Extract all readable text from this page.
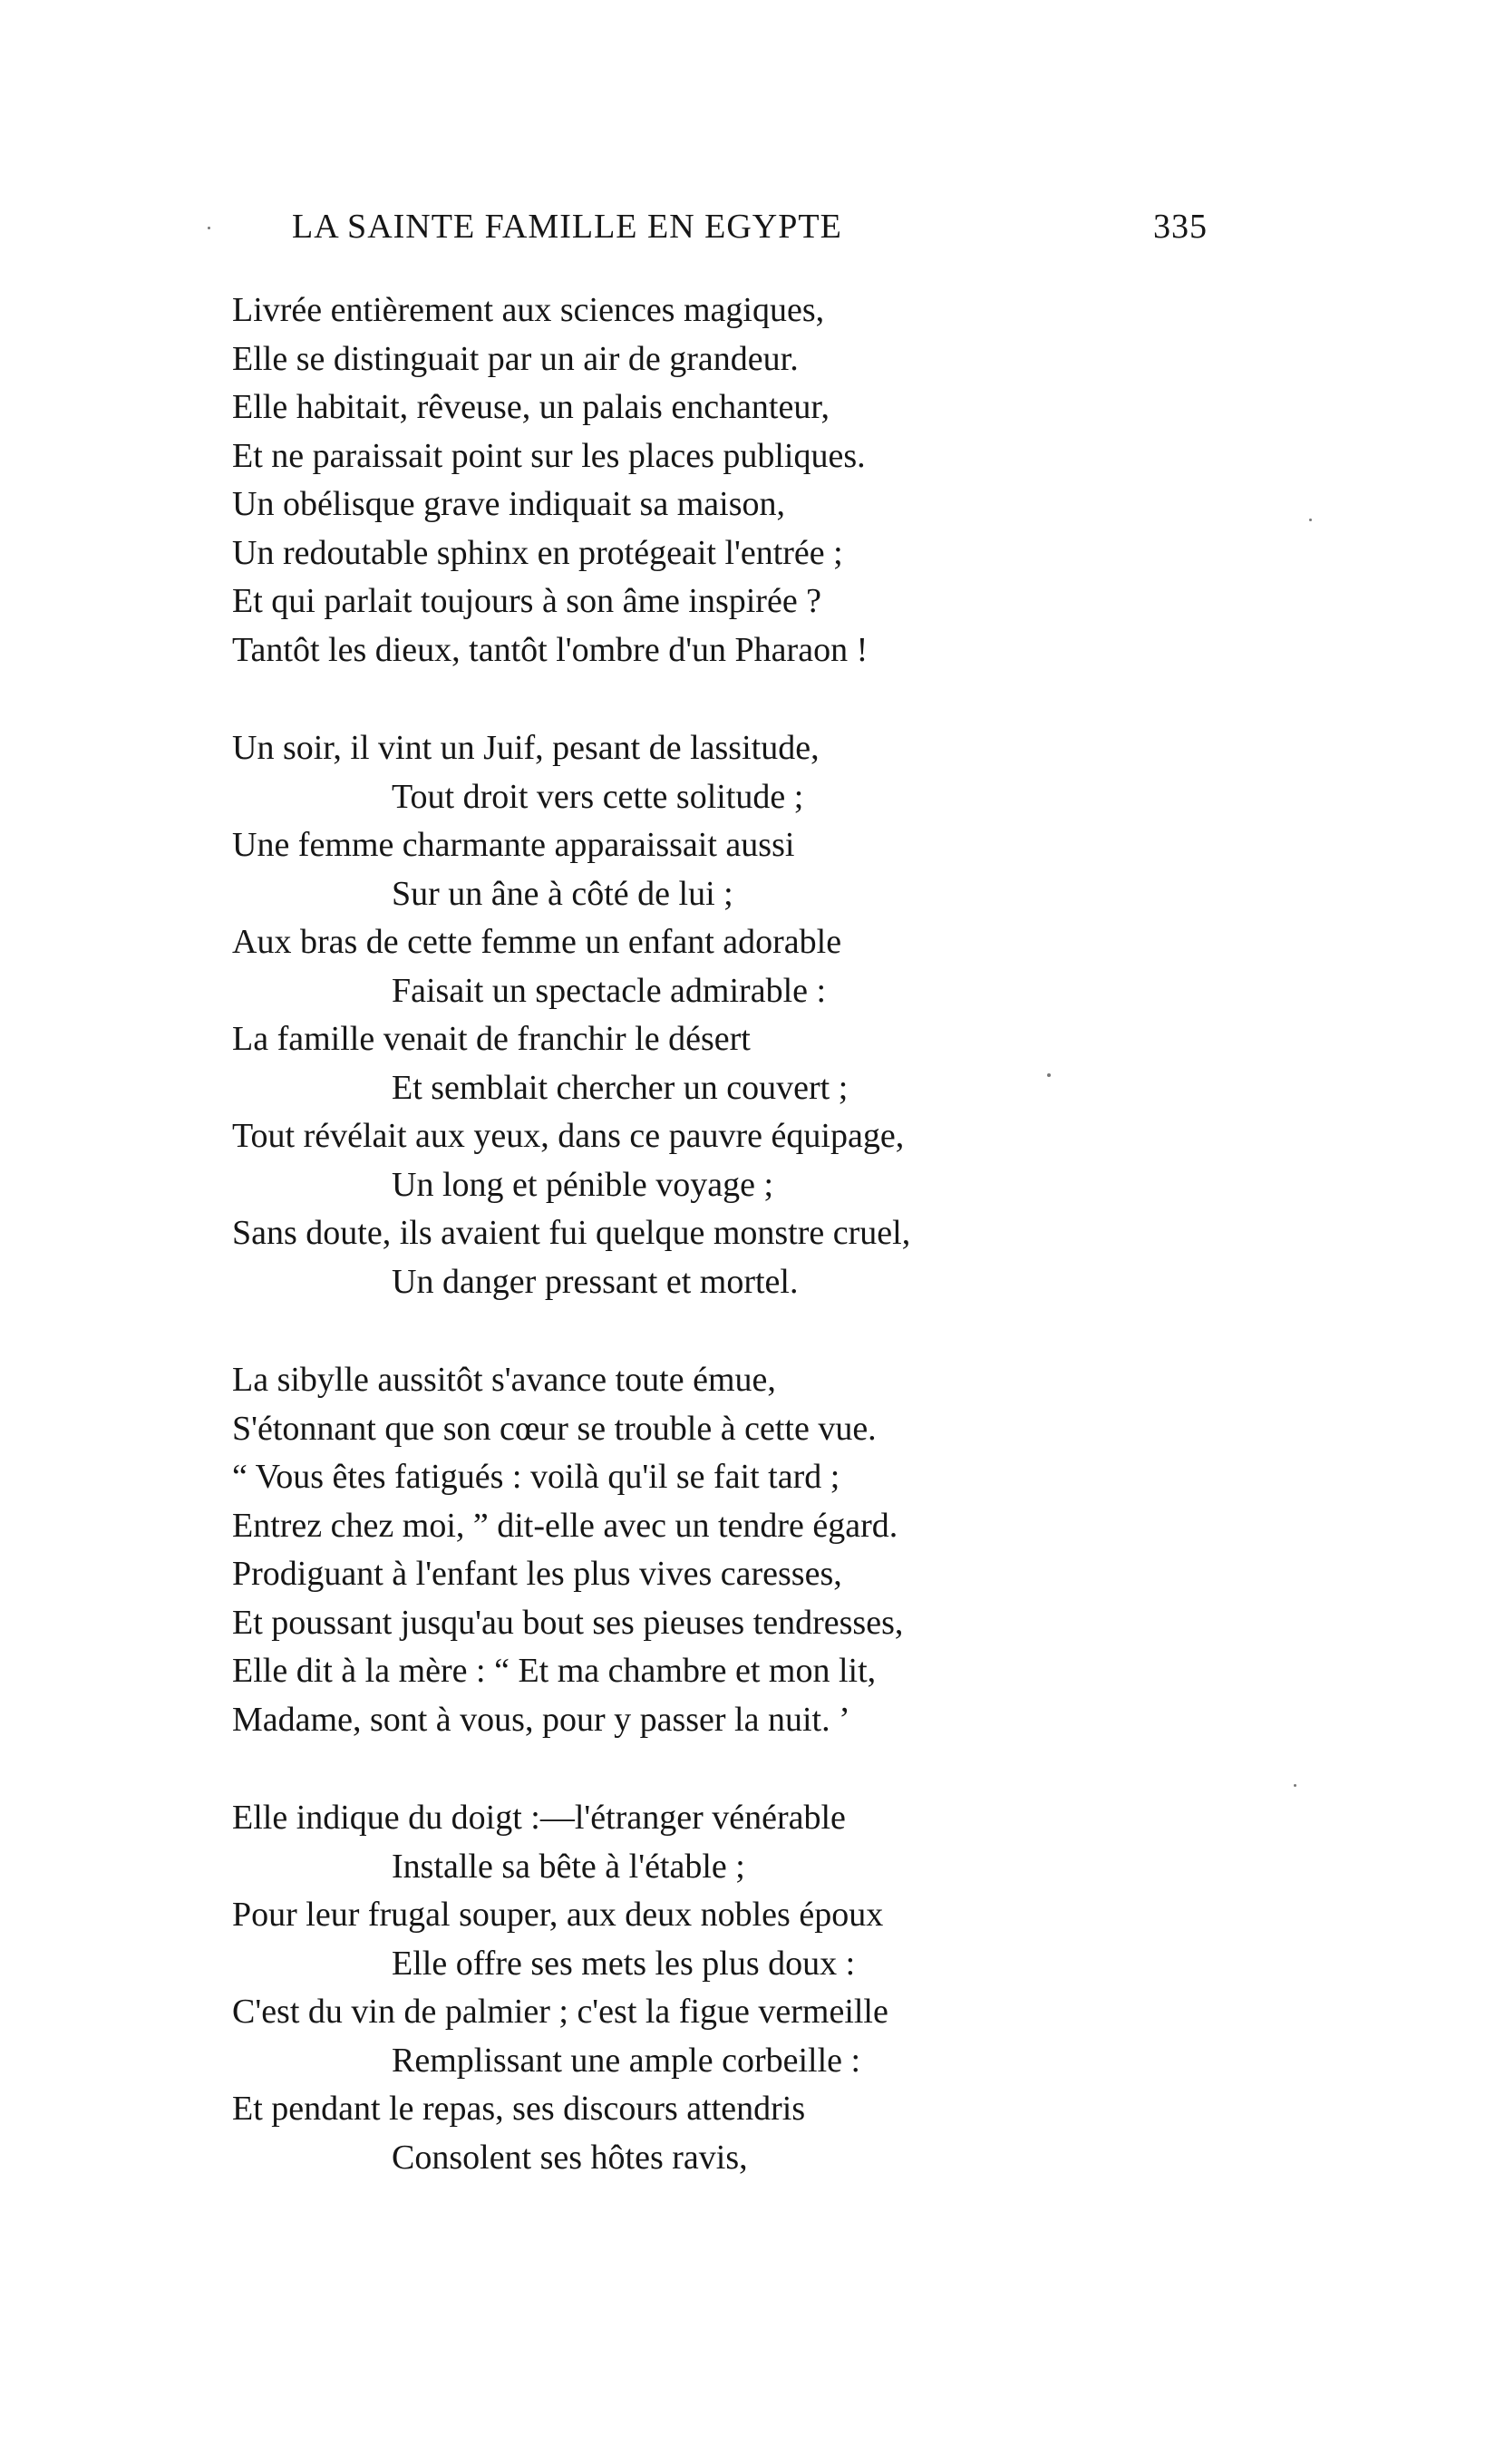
LA SAINTE FAMILLE EN EGYPTE	335
Livrée entièrement aux sciences magiques,
Elle se distinguait par un air de grandeur.
Elle habitait, rêveuse, un palais enchanteur,
Et ne paraissait point sur les places publiques.
Un obélisque grave indiquait sa maison,
Un redoutable sphinx en protégeait l'entrée ;
Et qui parlait toujours à son âme inspirée ?
Tantôt les dieux, tantôt l'ombre d'un Pharaon !
Un soir, il vint un Juif, pesant de lassitude,
Tout droit vers cette solitude ;
Une femme charmante apparaissait aussi
Sur un âne à côté de lui ;
Aux bras de cette femme un enfant adorable
Faisait un spectacle admirable :
La famille venait de franchir le désert
Et semblait chercher un couvert ;
Tout révélait aux yeux, dans ce pauvre équipage,
Un long et pénible voyage ;
Sans doute, ils avaient fui quelque monstre cruel,
Un danger pressant et mortel.
La sibylle aussitôt s'avance toute émue,
S'étonnant que son cœur se trouble à cette vue.
“ Vous êtes fatigués : voilà qu'il se fait tard ;
Entrez chez moi, ” dit-elle avec un tendre égard.
Prodiguant à l'enfant les plus vives caresses,
Et poussant jusqu'au bout ses pieuses tendresses,
Elle dit à la mère : “ Et ma chambre et mon lit,
Madame, sont à vous, pour y passer la nuit. ’
Elle indique du doigt :—l'étranger vénérable
Installe sa bête à l'étable ;
Pour leur frugal souper, aux deux nobles époux
Elle offre ses mets les plus doux :
C'est du vin de palmier ; c'est la figue vermeille
Remplissant une ample corbeille :
Et pendant le repas, ses discours attendris
Consolent ses hôtes ravis,
